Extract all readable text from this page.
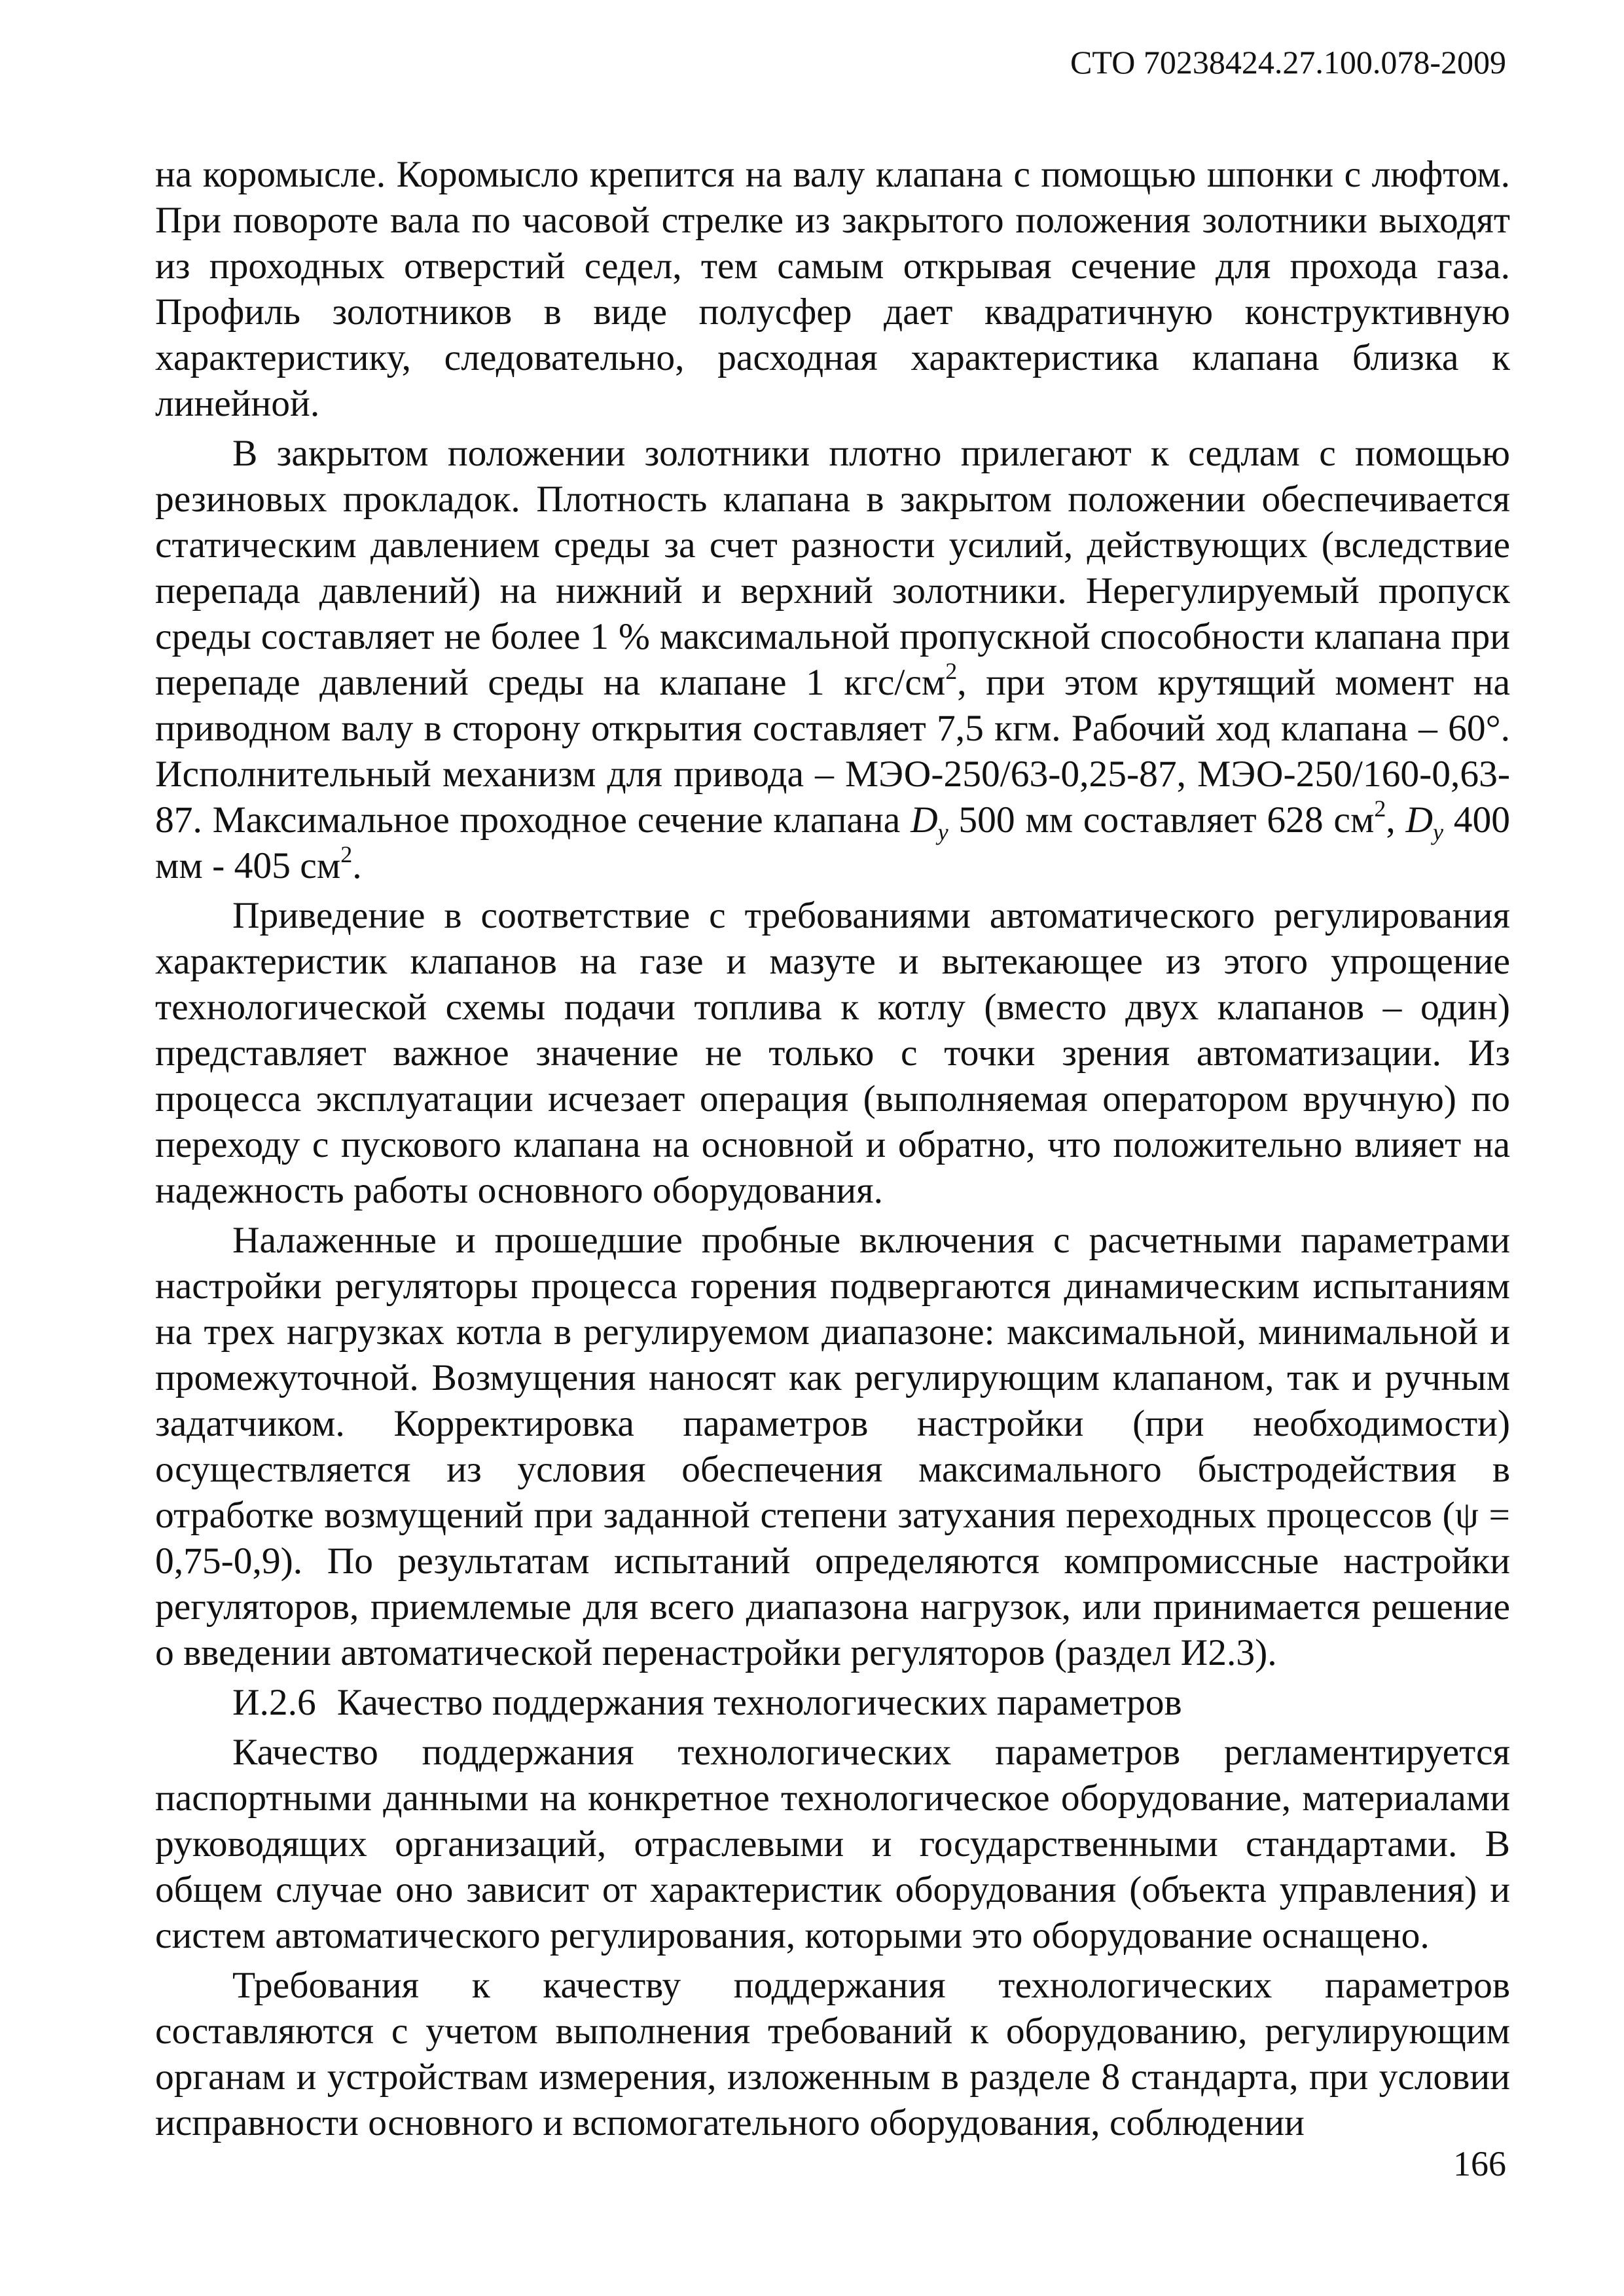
СТО 70238424.27.100.078-2009

на коромысле. Коромысло крепится на валу клапана с помощью шпонки с люфтом. При повороте вала по часовой стрелке из закрытого положения золотники выходят из проходных отверстий седел, тем самым открывая сечение для прохода газа. Профиль золотников в виде полусфер дает квадратичную конструктивную характеристику, следовательно, расходная характеристика клапана близка к линейной.

В закрытом положении золотники плотно прилегают к седлам с помощью резиновых прокладок. Плотность клапана в закрытом положении обеспечивается статическим давлением среды за счет разности усилий, действующих (вследствие перепада давлений) на нижний и верхний золотники. Нерегулируемый пропуск среды составляет не более 1 % максимальной пропускной способности клапана при перепаде давлений среды на клапане 1 кгс/$см^2$, при этом крутящий момент на приводном валу в сторону открытия составляет 7,5 кгм. Рабочий ход клапана – 60°. Исполнительный механизм для привода – МЭО-250/63-0,25-87, МЭО-250/160-0,63-87. Максимальное проходное сечение клапана $D_y$ 500 мм составляет 628 $см^2$, $D_y$ 400 мм - 405 $см^2$.

Приведение в соответствие с требованиями автоматического регулирования характеристик клапанов на газе и мазуте и вытекающее из этого упрощение технологической схемы подачи топлива к котлу (вместо двух клапанов – один) представляет важное значение не только с точки зрения автоматизации. Из процесса эксплуатации исчезает операция (выполняемая оператором вручную) по переходу с пускового клапана на основной и обратно, что положительно влияет на надежность работы основного оборудования.

Налаженные и прошедшие пробные включения с расчетными параметрами настройки регуляторы процесса горения подвергаются динамическим испытаниям на трех нагрузках котла в регулируемом диапазоне: максимальной, минимальной и промежуточной. Возмущения наносят как регулирующим клапаном, так и ручным задатчиком. Корректировка параметров настройки (при необходимости) осуществляется из условия обеспечения максимального быстродействия в отработке возмущений при заданной степени затухания переходных процессов (ψ = 0,75-0,9). По результатам испытаний определяются компромиссные настройки регуляторов, приемлемые для всего диапазона нагрузок, или принимается решение о введении автоматической перенастройки регуляторов (раздел И2.3).

И.2.6 Качество поддержания технологических параметров

Качество поддержания технологических параметров регламентируется паспортными данными на конкретное технологическое оборудование, материалами руководящих организаций, отраслевыми и государственными стандартами. В общем случае оно зависит от характеристик оборудования (объекта управления) и систем автоматического регулирования, которыми это оборудование оснащено.

Требования к качеству поддержания технологических параметров составляются с учетом выполнения требований к оборудованию, регулирующим органам и устройствам измерения, изложенным в разделе 8 стандарта, при условии исправности основного и вспомогательного оборудования, соблюдении

166
